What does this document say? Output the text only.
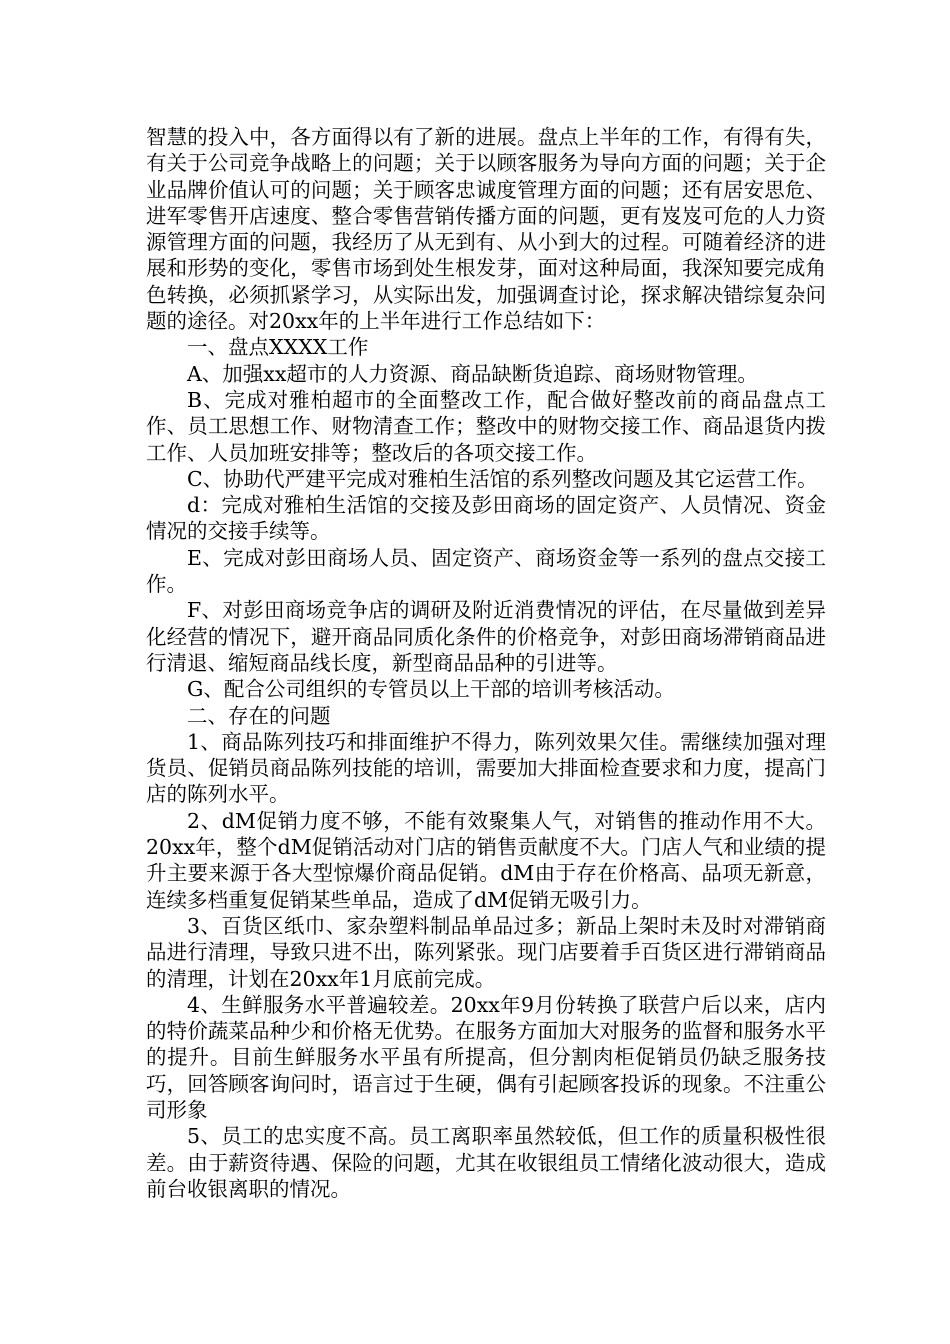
智慧的投入中，各方面得以有了新的进展。盘点上半年的工作，有得有失，有关于公司竞争战略上的问题；关于以顾客服务为导向方面的问题；关于企业品牌价值认可的问题；关于顾客忠诚度管理方面的问题；还有居安思危、进军零售开店速度、整合零售营销传播方面的问题，更有岌岌可危的人力资源管理方面的问题，我经历了从无到有、从小到大的过程。可随着经济的进展和形势的变化，零售市场到处生根发芽，面对这种局面，我深知要完成角色转换，必须抓紧学习，从实际出发，加强调查讨论，探求解决错综复杂问题的途径。对20xx年的上半年进行工作总结如下：

一、盘点XXXX工作

A、加强xx超市的人力资源、商品缺断货追踪、商场财物管理。

B、完成对雅柏超市的全面整改工作，配合做好整改前的商品盘点工作、员工思想工作、财物清查工作；整改中的财物交接工作、商品退货内拨工作、人员加班安排等；整改后的各项交接工作。

C、协助代严建平完成对雅柏生活馆的系列整改问题及其它运营工作。

d：完成对雅柏生活馆的交接及彭田商场的固定资产、人员情况、资金情况的交接手续等。

E、完成对彭田商场人员、固定资产、商场资金等一系列的盘点交接工作。

F、对彭田商场竞争店的调研及附近消费情况的评估，在尽量做到差异化经营的情况下，避开商品同质化条件的价格竞争，对彭田商场滞销商品进行清退、缩短商品线长度，新型商品品种的引进等。

G、配合公司组织的专管员以上干部的培训考核活动。

二、存在的问题

1、商品陈列技巧和排面维护不得力，陈列效果欠佳。需继续加强对理货员、促销员商品陈列技能的培训，需要加大排面检查要求和力度，提高门店的陈列水平。

2、dM促销力度不够，不能有效聚集人气，对销售的推动作用不大。20xx年，整个dM促销活动对门店的销售贡献度不大。门店人气和业绩的提升主要来源于各大型惊爆价商品促销。dM由于存在价格高、品项无新意，连续多档重复促销某些单品，造成了dM促销无吸引力。

3、百货区纸巾、家杂塑料制品单品过多；新品上架时未及时对滞销商品进行清理，导致只进不出，陈列紧张。现门店要着手百货区进行滞销商品的清理，计划在20xx年1月底前完成。

4、生鲜服务水平普遍较差。20xx年9月份转换了联营户后以来，店内的特价蔬菜品种少和价格无优势。在服务方面加大对服务的监督和服务水平的提升。目前生鲜服务水平虽有所提高，但分割肉柜促销员仍缺乏服务技巧，回答顾客询问时，语言过于生硬，偶有引起顾客投诉的现象。不注重公司形象

5、员工的忠实度不高。员工离职率虽然较低，但工作的质量积极性很差。由于薪资待遇、保险的问题，尤其在收银组员工情绪化波动很大，造成前台收银离职的情况。
